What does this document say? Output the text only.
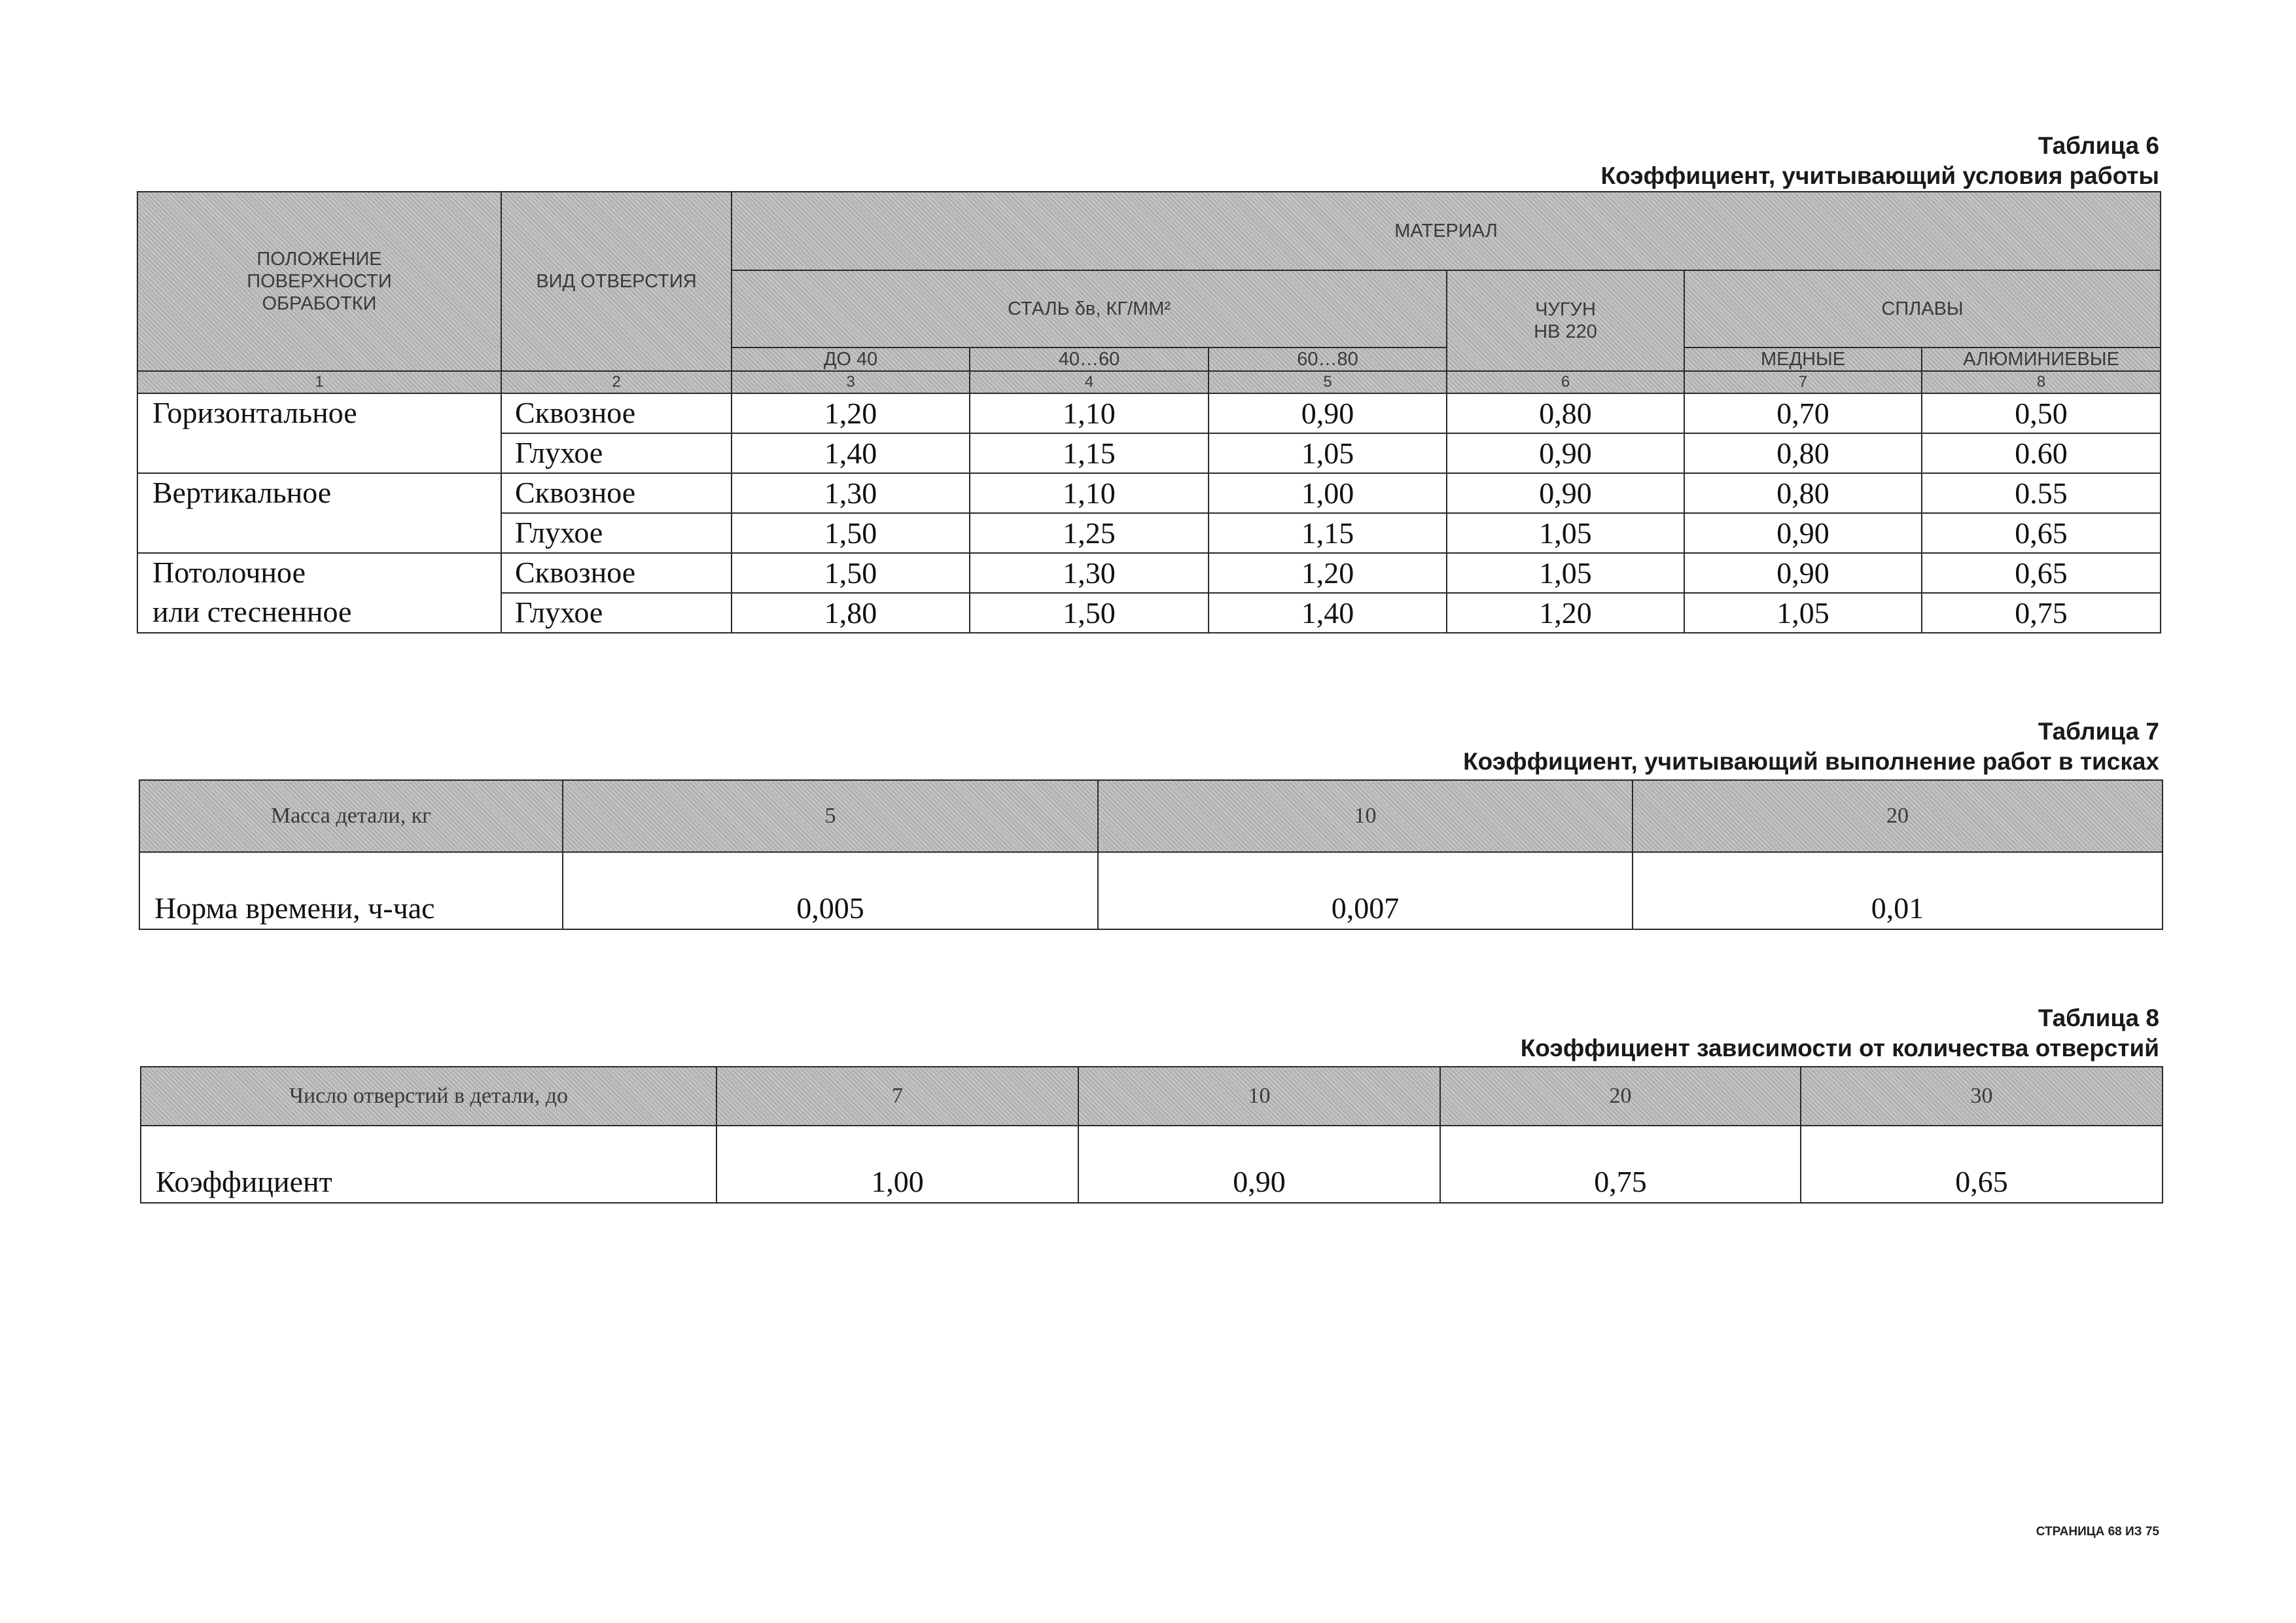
Таблица 6
Коэффициент, учитывающий условия работы
ПОЛОЖЕНИЕ ПОВЕРХНОСТИ ОБРАБОТКИ	ВИД ОТВЕРСТИЯ	МАТЕРИАЛ					
		СТАЛЬ δв, КГ/ММ²			ЧУГУН НВ 220	СПЛАВЫ	
		ДО 40	40…60	60…80		МЕДНЫЕ	АЛЮМИНИЕВЫЕ
1	2	3	4	5	6	7	8
Горизонтальное	Сквозное	1,20	1,10	0,90	0,80	0,70	0,50
	Глухое	1,40	1,15	1,05	0,90	0,80	0.60
Вертикальное	Сквозное	1,30	1,10	1,00	0,90	0,80	0.55
	Глухое	1,50	1,25	1,15	1,05	0,90	0,65
Потолочное	Сквозное	1,50	1,30	1,20	1,05	0,90	0,65
или стесненное	Глухое	1,80	1,50	1,40	1,20	1,05	0,75
Таблица 7
Коэффициент, учитывающий выполнение работ в тисках
Масса детали, кг	5	10	20
Норма времени, ч-час	0,005	0,007	0,01
Таблица 8
Коэффициент зависимости от количества отверстий
Число отверстий в детали, до	7	10	20	30
Коэффициент	1,00	0,90	0,75	0,65
СТРАНИЦА 68 ИЗ 75
